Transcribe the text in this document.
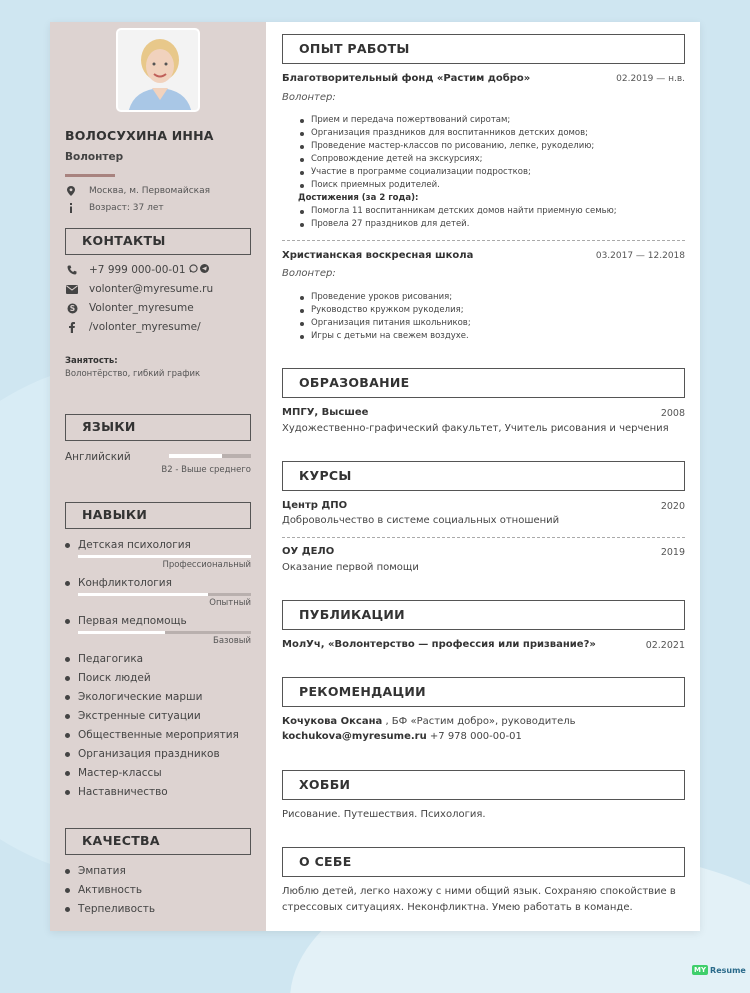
ВОЛОСУХИНА ИННА
Волонтер
Москва, м. Первомайская
Возраст: 37 лет
КОНТАКТЫ
+7 999 000-00-01
volonter@myresume.ru
S Volonter_myresume
/volonter_myresume/
Занятость:
Волонтёрство, гибкий график
ЯЗЫКИ
Английский
B2 - Выше среднего
НАВЫКИ
Детская психология
Профессиональный
Конфликтология
Опытный
Первая медпомощь
Базовый
Педагогика
Поиск людей
Экологические марши
Экстренные ситуации
Общественные мероприятия
Организация праздников
Мастер-классы
Наставничество
КАЧЕСТВА
Эмпатия
Активность
Терпеливость
ОПЫТ РАБОТЫ
Благотворительный фонд «Растим добро»	02.2019 — н.в.
Волонтер:
Прием и передача пожертвований сиротам;
Организация праздников для воспитанников детских домов;
Проведение мастер-классов по рисованию, лепке, рукоделию;
Сопровождение детей на экскурсиях;
Участие в программе социализации подростков;
Поиск приемных родителей.
Достижения (за 2 года):
Помогла 11 воспитанникам детских домов найти приемную семью;
Провела 27 праздников для детей.
Христианская воскресная школа	03.2017 — 12.2018
Волонтер:
Проведение уроков рисования;
Руководство кружком рукоделия;
Организация питания школьников;
Игры с детьми на свежем воздухе.
ОБРАЗОВАНИЕ
МПГУ, Высшее	2008
Художественно-графический факультет, Учитель рисования и черчения
КУРСЫ
Центр ДПО	2020
Добровольчество в системе социальных отношений
ОУ ДЕЛО	2019
Оказание первой помощи
ПУБЛИКАЦИИ
МолУч, «Волонтерство — профессия или призвание?»	02.2021
РЕКОМЕНДАЦИИ
Кочукова Оксана , БФ «Растим добро», руководитель
kochukova@myresume.ru +7 978 000-00-01
ХОББИ
Рисование. Путешествия. Психология.
О СЕБЕ
Люблю детей, легко нахожу с ними общий язык. Сохраняю спокойствие в стрессовых ситуациях. Неконфликтна. Умею работать в команде.
MY Resume
